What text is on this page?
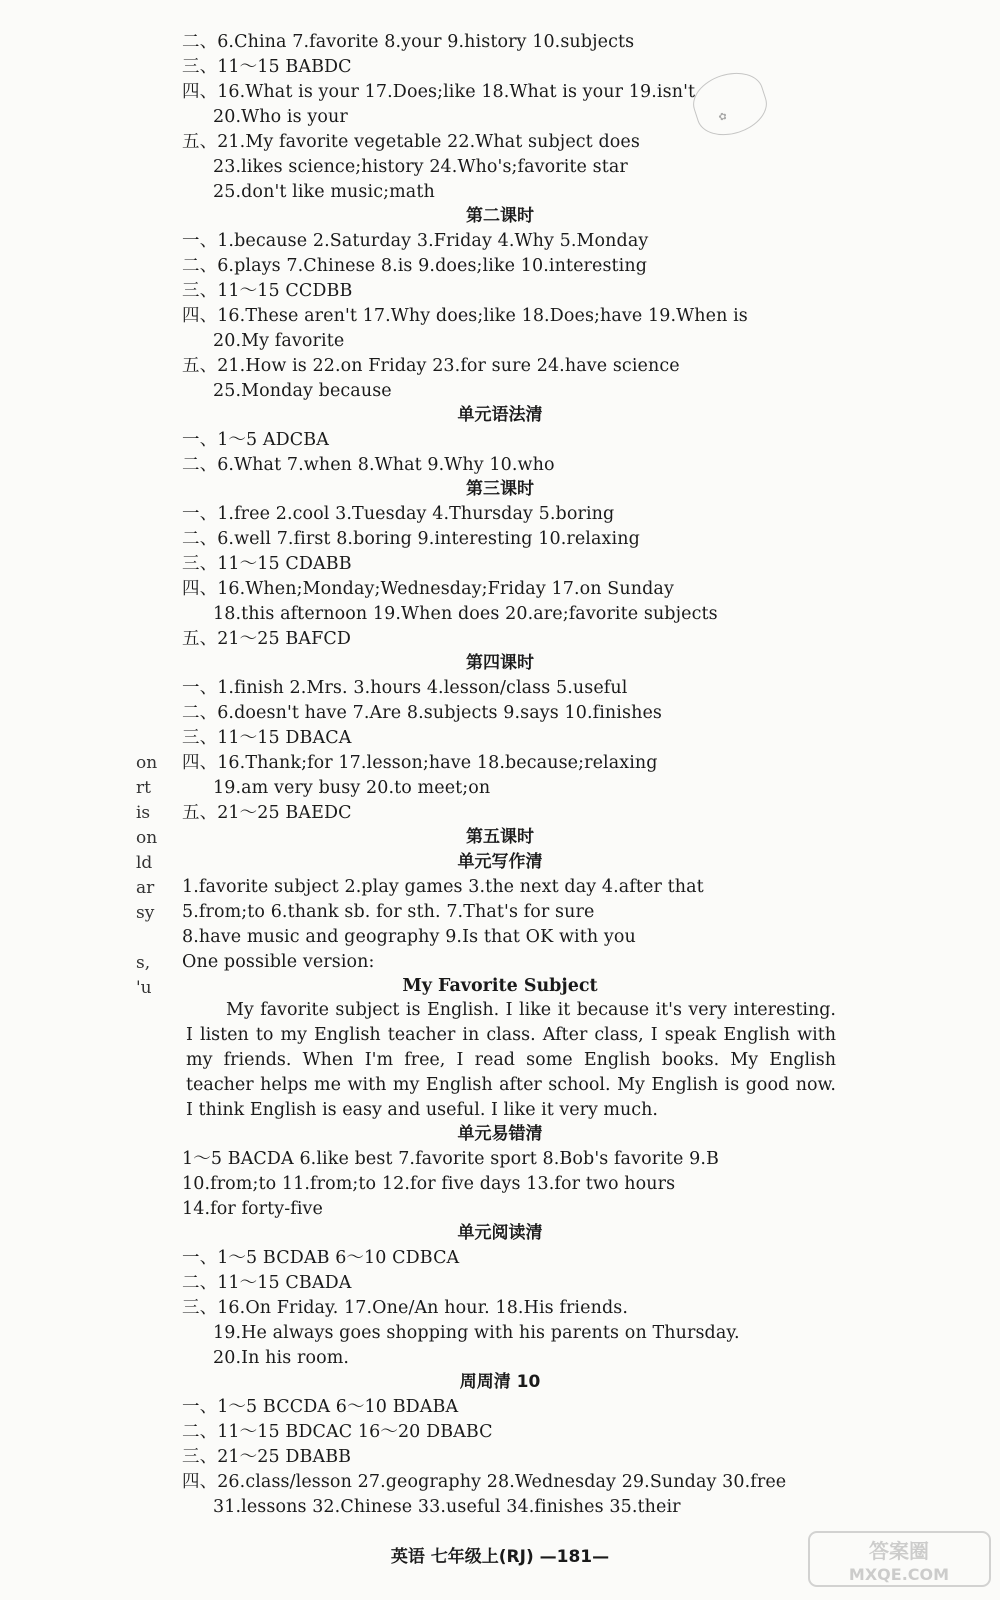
✿
二、6.China 7.favorite 8.your 9.history 10.subjects
三、11～15 BABDC
四、16.What is your 17.Does;like 18.What is your 19.isn't
20.Who is your
五、21.My favorite vegetable 22.What subject does
23.likes science;history 24.Who's;favorite star
25.don't like music;math
第二课时
一、1.because 2.Saturday 3.Friday 4.Why 5.Monday
二、6.plays 7.Chinese 8.is 9.does;like 10.interesting
三、11～15 CCDBB
四、16.These aren't 17.Why does;like 18.Does;have 19.When is
20.My favorite
五、21.How is 22.on Friday 23.for sure 24.have science
25.Monday because
单元语法清
一、1～5 ADCBA
二、6.What 7.when 8.What 9.Why 10.who
第三课时
一、1.free 2.cool 3.Tuesday 4.Thursday 5.boring
二、6.well 7.first 8.boring 9.interesting 10.relaxing
三、11～15 CDABB
四、16.When;Monday;Wednesday;Friday 17.on Sunday
18.this afternoon 19.When does 20.are;favorite subjects
五、21～25 BAFCD
第四课时
一、1.finish 2.Mrs. 3.hours 4.lesson/class 5.useful
二、6.doesn't have 7.Are 8.subjects 9.says 10.finishes
三、11～15 DBACA
四、16.Thank;for 17.lesson;have 18.because;relaxing
19.am very busy 20.to meet;on
五、21～25 BAEDC
第五课时
单元写作清
1.favorite subject 2.play games 3.the next day 4.after that
5.from;to 6.thank sb. for sth. 7.That's for sure
8.have music and geography 9.Is that OK with you
One possible version:
My Favorite Subject
My favorite subject is English. I like it because it's very interesting. I listen to my English teacher in class. After class, I speak English with my friends. When I'm free, I read some English books. My English teacher helps me with my English after school. My English is good now. I think English is easy and useful. I like it very much.
单元易错清
1～5 BACDA 6.like best 7.favorite sport 8.Bob's favorite 9.B
10.from;to 11.from;to 12.for five days 13.for two hours
14.for forty-five
单元阅读清
一、1～5 BCDAB 6～10 CDBCA
二、11～15 CBADA
三、16.On Friday. 17.One/An hour. 18.His friends.
19.He always goes shopping with his parents on Thursday.
20.In his room.
周周清 10
一、1～5 BCCDA 6～10 BDABA
二、11～15 BDCAC 16～20 DBABC
三、21～25 DBABB
四、26.class/lesson 27.geography 28.Wednesday 29.Sunday 30.free
31.lessons 32.Chinese 33.useful 34.finishes 35.their
on
rt
is
on
ld
ar
sy
s,
'u
英语 七年级上(RJ) —181—	答案圈
MXQE.COM
